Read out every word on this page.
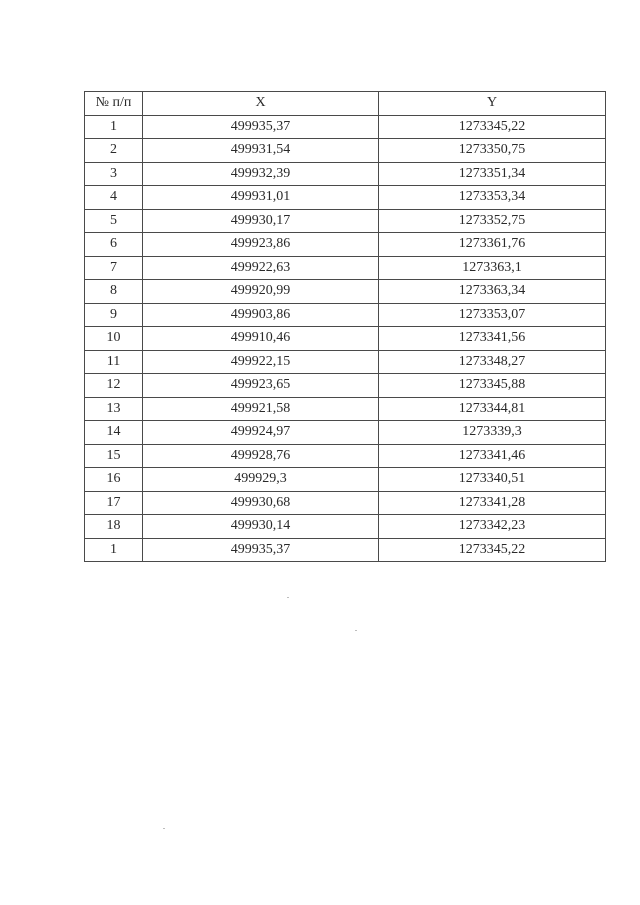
№ п/п	X	Y
1	499935,37	1273345,22
2	499931,54	1273350,75
3	499932,39	1273351,34
4	499931,01	1273353,34
5	499930,17	1273352,75
6	499923,86	1273361,76
7	499922,63	1273363,1
8	499920,99	1273363,34
9	499903,86	1273353,07
10	499910,46	1273341,56
11	499922,15	1273348,27
12	499923,65	1273345,88
13	499921,58	1273344,81
14	499924,97	1273339,3
15	499928,76	1273341,46
16	499929,3	1273340,51
17	499930,68	1273341,28
18	499930,14	1273342,23
1	499935,37	1273345,22
